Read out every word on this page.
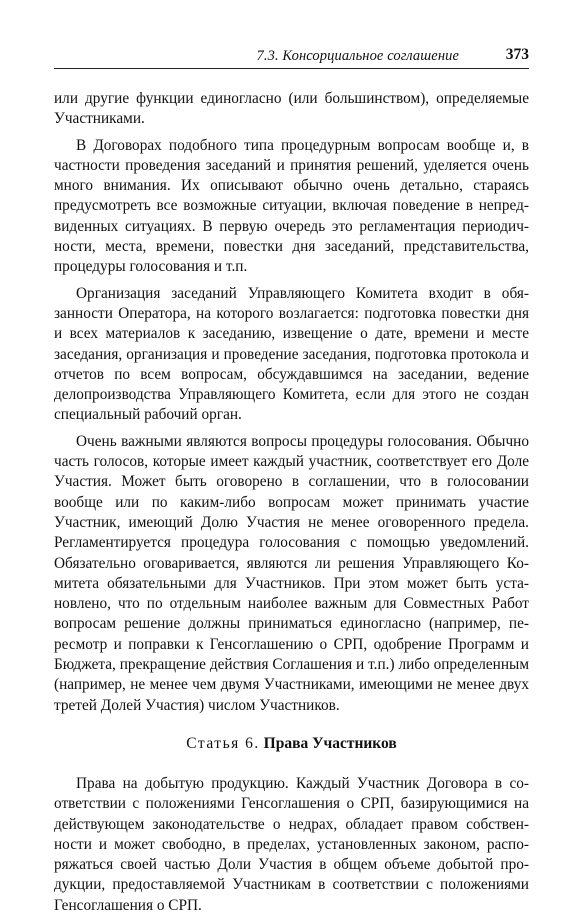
7.3. Консорциальное соглашение	373

или другие функции единогласно (или большинством), определяемые Участниками.

В Договорах подобного типа процедурным вопросам вообще и, в частности проведения заседаний и принятия решений, уделяется очень много внимания. Их описывают обычно очень детально, стараясь предусмотреть все возможные ситуации, включая поведение в непредвиденных ситуациях. В первую очередь это регламентация периодичности, места, времени, повестки дня заседаний, представительства, процедуры голосования и т.п.

Организация заседаний Управляющего Комитета входит в обязанности Оператора, на которого возлагается: подготовка повестки дня и всех материалов к заседанию, извещение о дате, времени и месте заседания, организация и проведение заседания, подготовка протокола и отчетов по всем вопросам, обсуждавшимся на заседании, ведение делопроизводства Управляющего Комитета, если для этого не создан специальный рабочий орган.

Очень важными являются вопросы процедуры голосования. Обычно часть голосов, которые имеет каждый участник, соответствует его Доле Участия. Может быть оговорено в соглашении, что в голосовании вообще или по каким-либо вопросам может принимать участие Участник, имеющий Долю Участия не менее оговоренного предела. Регламентируется процедура голосования с помощью уведомлений. Обязательно оговаривается, являются ли решения Управляющего Комитета обязательными для Участников. При этом может быть установлено, что по отдельным наиболее важным для Совместных Работ вопросам решение должны приниматься единогласно (например, пересмотр и поправки к Генсоглашению о СРП, одобрение Программ и Бюджета, прекращение действия Соглашения и т.п.) либо определенным (например, не менее чем двумя Участниками, имеющими не менее двух третей Долей Участия) числом Участников.

Статья 6. Права Участников

Права на добытую продукцию. Каждый Участник Договора в соответствии с положениями Генсоглашения о СРП, базирующимися на действующем законодательстве о недрах, обладает правом собственности и может свободно, в пределах, установленных законом, распоряжаться своей частью Доли Участия в общем объеме добытой продукции, предоставляемой Участникам в соответствии с положениями Генсоглашения о СРП.
